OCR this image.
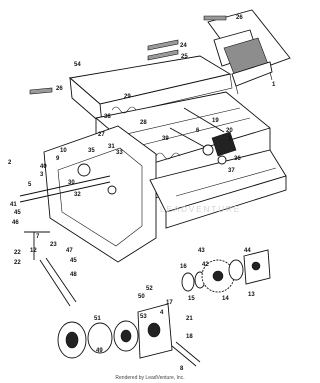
LEADVENTURE
26
24
25
54
26
1
38
29
28
39
19
20
6
3
36
37
2
40
27
10
9
35
31
33
3
5	30
32
41
45
46
7
23
12
22
22
47
45
48
43
42
44
16
52
50	15	14
13
17
53
4
51	21
49
18
8
Rendered by LeadVenture, Inc.
